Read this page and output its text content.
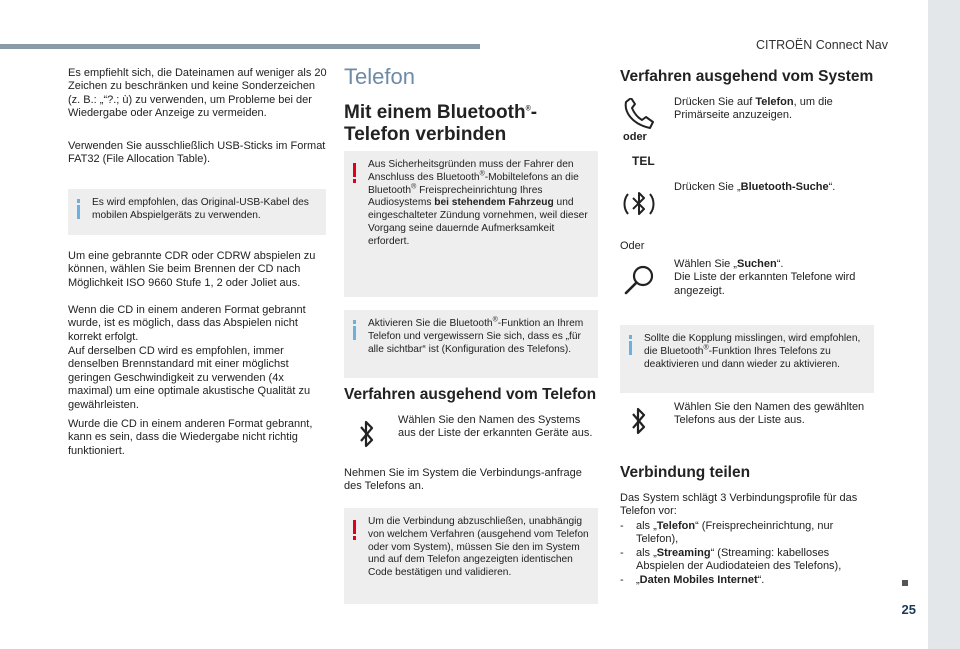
CITROËN Connect Nav

Es empfiehlt sich, die Dateinamen auf weniger als 20 Zeichen zu beschränken und keine Sonderzeichen (z. B.: „“?.; ù) zu verwenden, um Probleme bei der Wiedergabe oder Anzeige zu vermeiden.

Verwenden Sie ausschließlich USB-Sticks im Format FAT32 (File Allocation Table).

Es wird empfohlen, das Original-USB-Kabel des mobilen Abspielgeräts zu verwenden.

Um eine gebrannte CDR oder CDRW abspielen zu können, wählen Sie beim Brennen der CD nach Möglichkeit ISO 9660 Stufe 1, 2 oder Joliet aus.

Wenn die CD in einem anderen Format gebrannt wurde, ist es möglich, dass das Abspielen nicht korrekt erfolgt.

Auf derselben CD wird es empfohlen, immer denselben Brennstandard mit einer möglichst geringen Geschwindigkeit zu verwenden (4x maximal) um eine optimale akustische Qualität zu gewährleisten.

Wurde die CD in einem anderen Format gebrannt, kann es sein, dass die Wiedergabe nicht richtig funktioniert.

Telefon
Mit einem Bluetooth®-
Telefon verbinden
Aus Sicherheitsgründen muss der Fahrer den Anschluss des Bluetooth®-Mobiltelefons an die Bluetooth® Freisprecheinrichtung Ihres Audiosystems bei stehendem Fahrzeug und eingeschalteter Zündung vornehmen, weil dieser Vorgang seine dauernde Aufmerksamkeit erfordert.
Aktivieren Sie die Bluetooth®-Funktion an Ihrem Telefon und vergewissern Sie sich, dass es „für alle sichtbar“ ist (Konfiguration des Telefons).
Verfahren ausgehend vom Telefon
Wählen Sie den Namen des Systems aus der Liste der erkannten Geräte aus.

Nehmen Sie im System die Verbindungs-anfrage des Telefons an.

Um die Verbindung abzuschließen, unabhängig von welchem Verfahren (ausgehend vom Telefon oder vom System), müssen Sie den im System und auf dem Telefon angezeigten identischen Code bestätigen und validieren.
Verfahren ausgehend vom System
oder
TEL
Drücken Sie auf Telefon, um die Primärseite anzuzeigen.
Drücken Sie „Bluetooth-Suche“.
Oder
Wählen Sie „Suchen“.
Die Liste der erkannten Telefone wird angezeigt.
Sollte die Kopplung misslingen, wird empfohlen, die Bluetooth®-Funktion Ihres Telefons zu deaktivieren und dann wieder zu aktivieren.
Wählen Sie den Namen des gewählten Telefons aus der Liste aus.
Verbindung teilen

Das System schlägt 3 Verbindungsprofile für das Telefon vor:

- als „Telefon“ (Freisprecheinrichtung, nur Telefon),
- als „Streaming“ (Streaming: kabelloses Abspielen der Audiodateien des Telefons),
- „Daten Mobiles Internet“.
25
